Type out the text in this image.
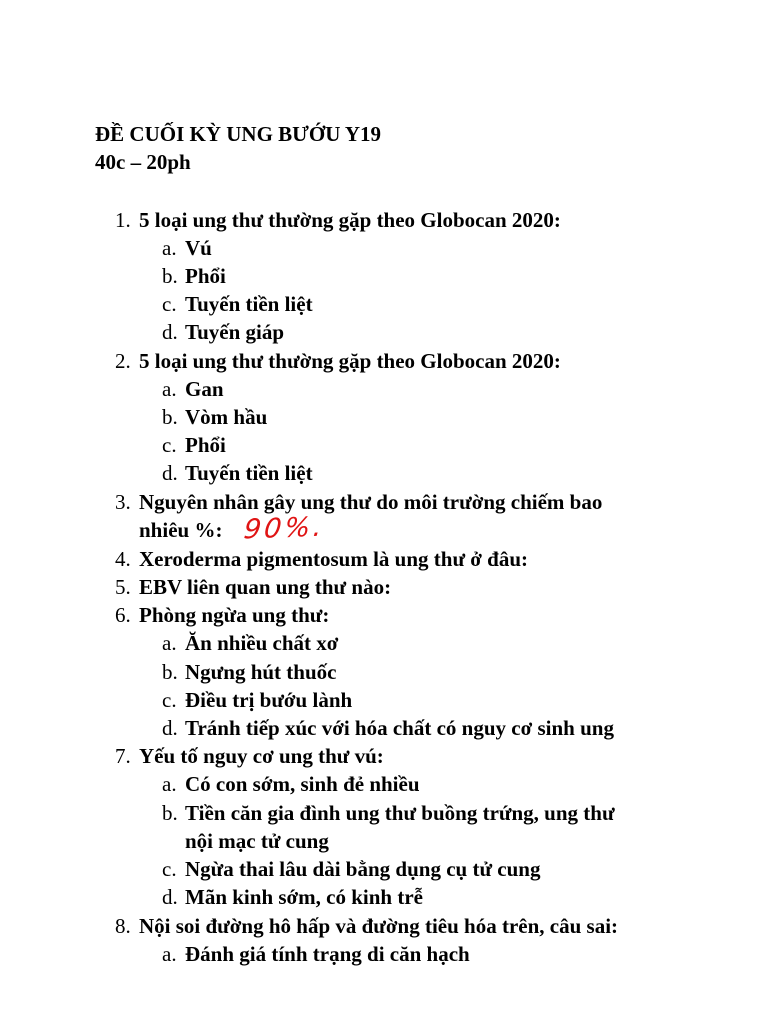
ĐỀ CUỐI KỲ UNG BƯỚU Y19
40c – 20ph
1. 5 loại ung thư thường gặp theo Globocan 2020:
a. Vú
b. Phổi
c. Tuyến tiền liệt
d. Tuyến giáp
2. 5 loại ung thư thường gặp theo Globocan 2020:
a. Gan
b. Vòm hầu
c. Phổi
d. Tuyến tiền liệt
3. Nguyên nhân gây ung thư do môi trường chiếm bao
nhiêu %: 90%.
4. Xeroderma pigmentosum là ung thư ở đâu:
5. EBV liên quan ung thư nào:
6. Phòng ngừa ung thư:
a. Ăn nhiều chất xơ
b. Ngưng hút thuốc
c. Điều trị bướu lành
d. Tránh tiếp xúc với hóa chất có nguy cơ sinh ung
7. Yếu tố nguy cơ ung thư vú:
a. Có con sớm, sinh đẻ nhiều
b. Tiền căn gia đình ung thư buồng trứng, ung thư
nội mạc tử cung
c. Ngừa thai lâu dài bằng dụng cụ tử cung
d. Mãn kinh sớm, có kinh trễ
8. Nội soi đường hô hấp và đường tiêu hóa trên, câu sai:
a. Đánh giá tính trạng di căn hạch
